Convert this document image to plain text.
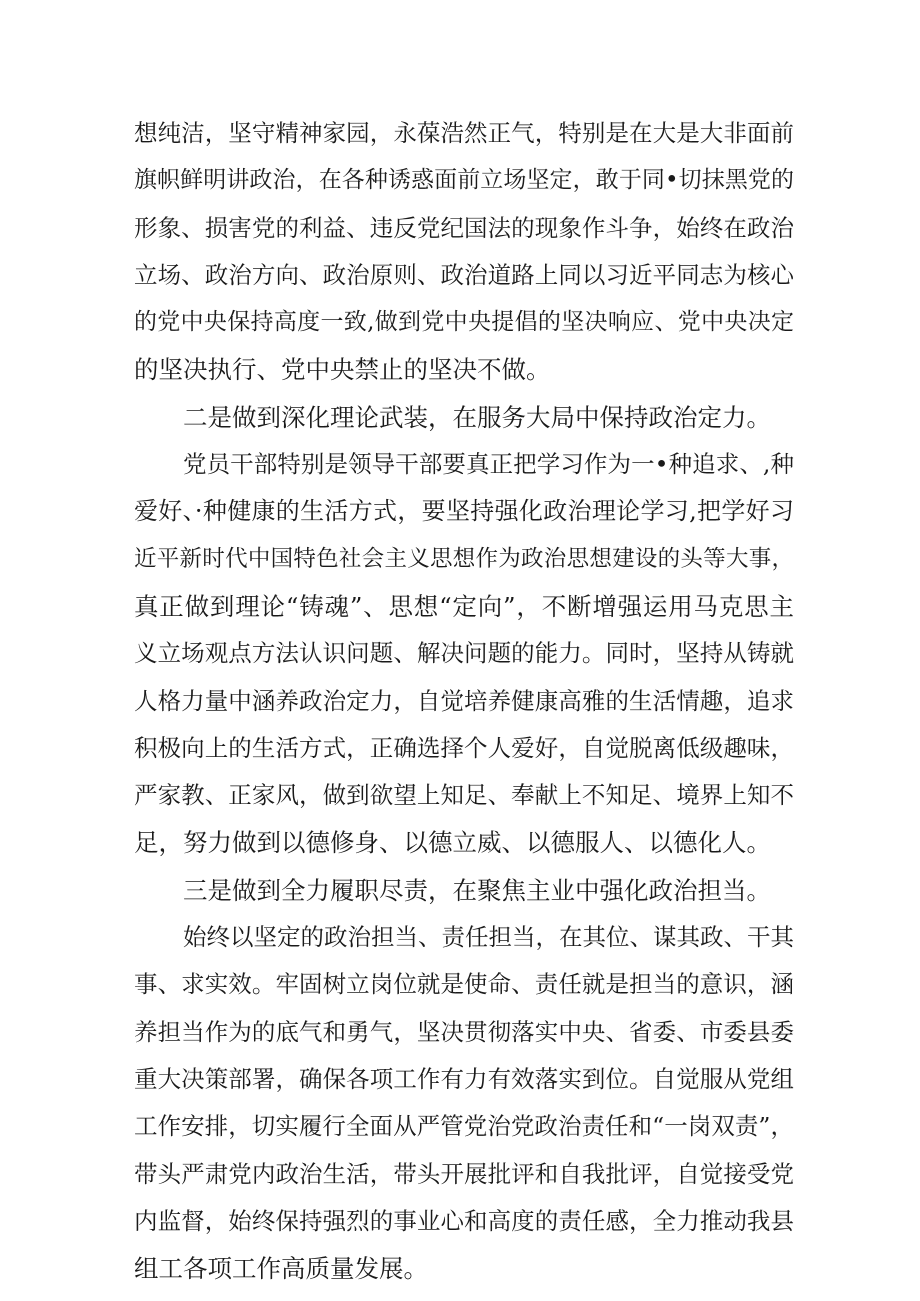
想纯洁，坚守精神家园，永葆浩然正气，特别是在大是大非面前
旗帜鲜明讲政治，在各种诱惑面前立场坚定，敢于同•切抹黑党的
形象、损害党的利益、违反党纪国法的现象作斗争，始终在政治
立场、政治方向、政治原则、政治道路上同以习近平同志为核心
的党中央保持高度一致,做到党中央提倡的坚决响应、党中央决定
的坚决执行、党中央禁止的坚决不做。
二是做到深化理论武装，在服务大局中保持政治定力。
党员干部特别是领导干部要真正把学习作为一•种追求、,种
爱好、·种健康的生活方式，要坚持强化政治理论学习,把学好习
近平新时代中国特色社会主义思想作为政治思想建设的头等大事，
真正做到理论“铸魂”、思想“定向”，不断增强运用马克思主
义立场观点方法认识问题、解决问题的能力。同时，坚持从铸就
人格力量中涵养政治定力，自觉培养健康高雅的生活情趣，追求
积极向上的生活方式，正确选择个人爱好，自觉脱离低级趣味，
严家教、正家风，做到欲望上知足、奉献上不知足、境界上知不
足，努力做到以德修身、以德立威、以德服人、以德化人。
三是做到全力履职尽责，在聚焦主业中强化政治担当。
始终以坚定的政治担当、责任担当，在其位、谋其政、干其
事、求实效。牢固树立岗位就是使命、责任就是担当的意识，涵
养担当作为的底气和勇气，坚决贯彻落实中央、省委、市委县委
重大决策部署，确保各项工作有力有效落实到位。自觉服从党组
工作安排，切实履行全面从严管党治党政治责任和“一岗双责”，
带头严肃党内政治生活，带头开展批评和自我批评，自觉接受党
内监督，始终保持强烈的事业心和高度的责任感，全力推动我县
组工各项工作高质量发展。
